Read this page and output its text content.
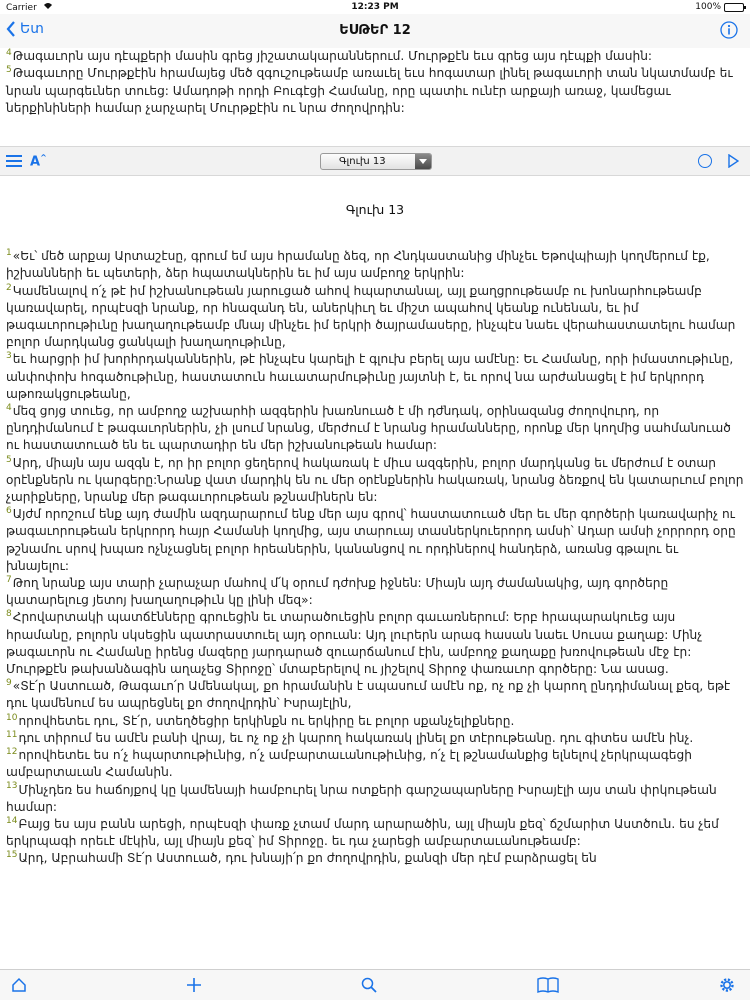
Carrier	12:23 PM	100%
Ետ	ԵՍԹԵՐ 12
$^4$Թագաւորն այս դէպքերի մասին գրեց յիշատակարաններում. Մուրթքէն եւս գրեց այս դէպքի մասին:
$^5$Թագաւորը Մուրթքէին հրամայեց մեծ զգուշութեամբ առաւել եւս հոգատար լինել թագաւորի տան նկատմամբ եւ նրան պարգեւներ տուեց: Ամադոթի որդի Բուգէցի Համանը, որը պատիւ ունէր արքայի առաջ, կամեցաւ ներքինիների համար չարչարել Մուրթքէին ու նրա ժողովրդին:
A^	Գլուխ 13
Գլուխ 13
$^1$«Եւ՝ մեծ արքայ Արտաշէսը, գրում եմ այս հրամանը ձեզ, որ Հնդկաստանից մինչեւ Եթովպիայի կողմերում էք, իշխանների եւ պետերի, ձեր հպատակներին եւ իմ այս ամբողջ երկրին:
$^2$Կամենալով ո՛չ թէ իմ իշխանութեան յարուցած ահով հպարտանալ, այլ քաղցրութեամբ ու խոնարհութեամբ կառավարել, որպէսզի նրանք, որ հնազանդ են, աներկիւղ եւ միշտ ապահով կեանք ունենան, եւ իմ թագաւորութիւնը խաղաղութեամբ մնայ մինչեւ իմ երկրի ծայրամասերը, ինչպէս նաեւ վերահաստատելու համար բոլոր մարդկանց ցանկալի խաղաղութիւնը,
$^3$եւ հարցրի իմ խորհրդականներին, թէ ինչպէս կարելի է գլուխ բերել այս ամէնը: Եւ Համանը, որի իմաստութիւնը, անփոփոխ հոգածութիւնը, հաստատուն հաւատարմութիւնը յայտնի է, եւ որով նա արժանացել է իմ երկրորդ աթոռակցութեանը,
$^4$մեզ ցոյց տուեց, որ ամբողջ աշխարհի ազգերին խառնուած է մի դժնդակ, օրինազանց ժողովուրդ, որ ընդդիմանում է թագաւորներին, չի լսում նրանց, մերժում է նրանց հրամանները, որոնք մեր կողմից սահմանուած ու հաստատուած են եւ պարտադիր են մեր իշխանութեան համար:
$^5$Արդ, միայն այս ազգն է, որ իր բոլոր ցեղերով հակառակ է միւս ազգերին, բոլոր մարդկանց եւ մերժում է օտար օրէնքներն ու կարգերը:Նրանք վատ մարդիկ են ու մեր օրէնքներին հակառակ, նրանց ձեռքով են կատարւում բոլոր չարիքները, նրանք մեր թագաւորութեան թշնամիներն են:
$^6$Այժմ որոշում ենք այդ ժամին ազդարարում ենք մեր այս գրով՝ հաստատուած մեր եւ մեր գործերի կառավարիչ ու թագաւորութեան երկրորդ հայր Համանի կողմից, այս տարուայ տասներկուերորդ ամսի՝ Ադար ամսի չորրորդ օրը թշնամու սրով խպառ ոչնչացնել բոլոր հրեաներին, կանանցով ու որդիներով հանդերձ, առանց գթալու եւ խնայելու:
$^7$Թող նրանք այս տարի չարաչար մահով մ՛կ օրում դժոխք իջնեն: Միայն այդ ժամանակից, այդ գործերը կատարելուց յետոյ խաղաղութիւն կը լինի մեզ»:
$^8$Հրովարտակի պատճէնները գրուեցին եւ տարածուեցին բոլոր գաւառներում: Երբ հրապարակուեց այս հրամանը, բոլորն սկսեցին պատրաստուել այդ օրուան: Այդ լուրերն արագ հասան նաեւ Սուսա քաղաք: Մինչ թագաւորն ու Համանը իրենց մազերը յարդարած զուարճանում էին, ամբողջ քաղաքը խռովութեան մէջ էր: Մուրթքէն թախանձագին աղաչեց Տիրոջը՝ մտաբերելով ու յիշելով Տիրոջ փառաւոր գործերը: Նա ասաց.
$^9$«Տէ՛ր Աստուած, Թագաւո՛ր Ամենակալ, քո հրամանին է սպասում ամէն ոք, ոչ ոք չի կարող ընդդիմանալ քեզ, եթէ դու կամենում ես ապրեցնել քո ժողովրդին՝ Իսրայէլին,
$^{10}$որովհետեւ դու, Տէ՛ր, ստեղծեցիր երկինքն ու երկիրը եւ բոլոր սքանչելիքները.
$^{11}$դու տիրում ես ամէն բանի վրայ, եւ ոչ ոք չի կարող հակառակ լինել քո տէրութեանը. դու գիտես ամէն ինչ.
$^{12}$որովհետեւ ես ո՛չ հպարտութիւնից, ո՛չ ամբարտաւանութիւնից, ո՛չ էլ թշնամանքից ելնելով չերկրպագեցի ամբարտաւան Համանին.
$^{13}$Մինչդեռ ես հաճոյքով կը կամենայի համբուրել նրա ոտքերի գարշապարները Իսրայէլի այս տան փրկութեան համար:
$^{14}$Բայց ես այս բանն արեցի, որպէսզի փառք չտամ մարդ արարածին, այլ միայն քեզ՝ ճշմարիտ Աստծուն. ես չեմ երկրպագի որեւէ մէկին, այլ միայն քեզ՝ իմ Տիրոջը. եւ դա չարեցի ամբարտաւանութեամբ:
$^{15}$Արդ, Աբրահամի Տէ՛ր Աստուած, դու խնայի՛ր քո ժողովրդին, քանզի մեր դէմ բարձրացել են
